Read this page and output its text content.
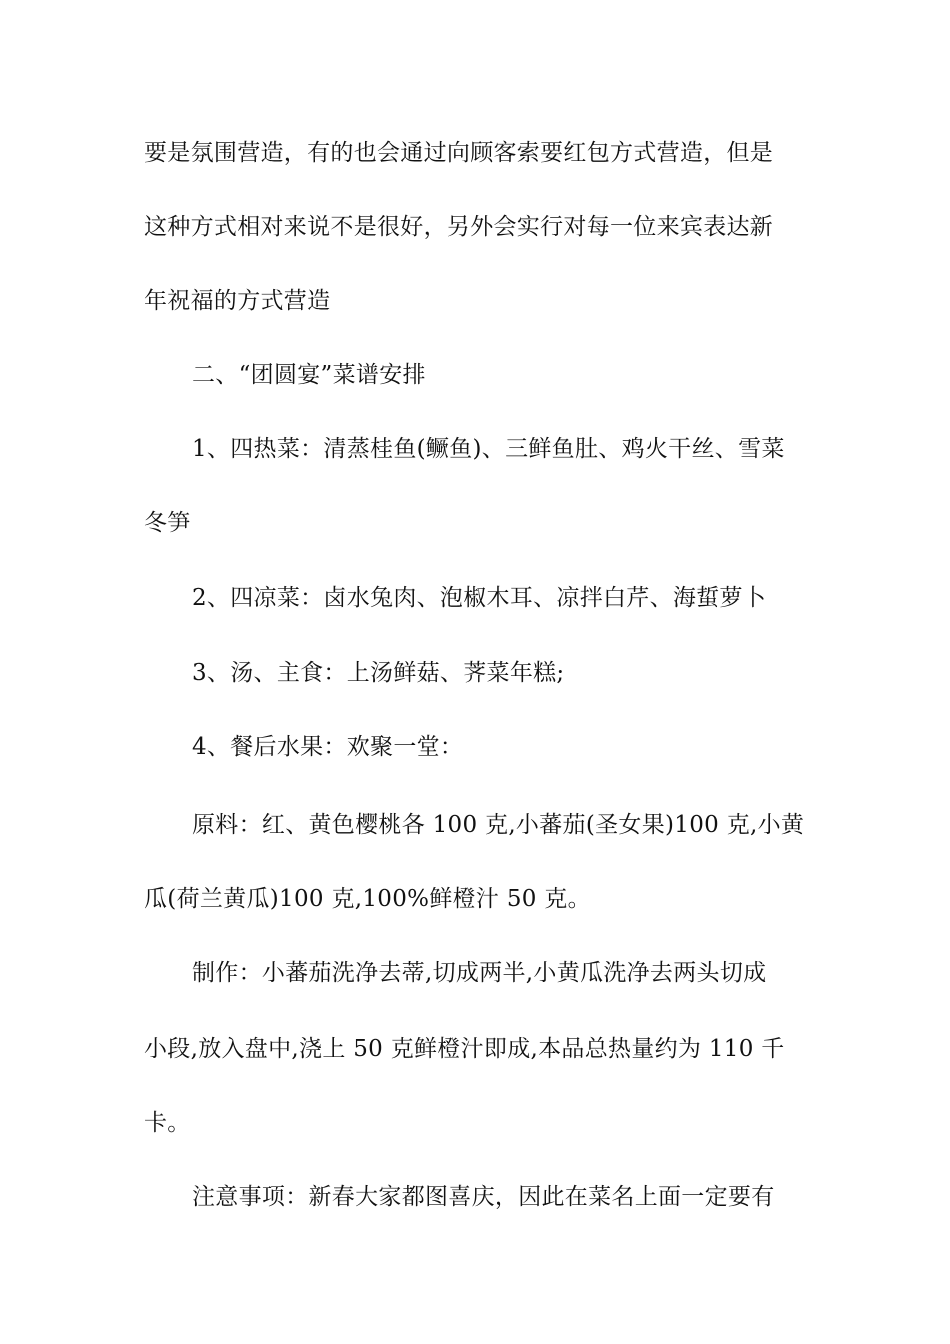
要是氛围营造，有的也会通过向顾客索要红包方式营造，但是
这种方式相对来说不是很好，另外会实行对每一位来宾表达新
年祝福的方式营造
二、“团圆宴”菜谱安排
1、四热菜：清蒸桂鱼(鳜鱼)、三鲜鱼肚、鸡火干丝、雪菜
冬笋
2、四凉菜：卤水兔肉、泡椒木耳、凉拌白芹、海蜇萝卜
3、汤、主食：上汤鲜菇、荠菜年糕;
4、餐后水果：欢聚一堂：
原料：红、黄色樱桃各 100 克,小蕃茄(圣女果)100 克,小黄
瓜(荷兰黄瓜)100 克,100%鲜橙汁 50 克。
制作：小蕃茄洗净去蒂,切成两半,小黄瓜洗净去两头切成
小段,放入盘中,浇上 50 克鲜橙汁即成,本品总热量约为 110 千
卡。
注意事项：新春大家都图喜庆，因此在菜名上面一定要有
